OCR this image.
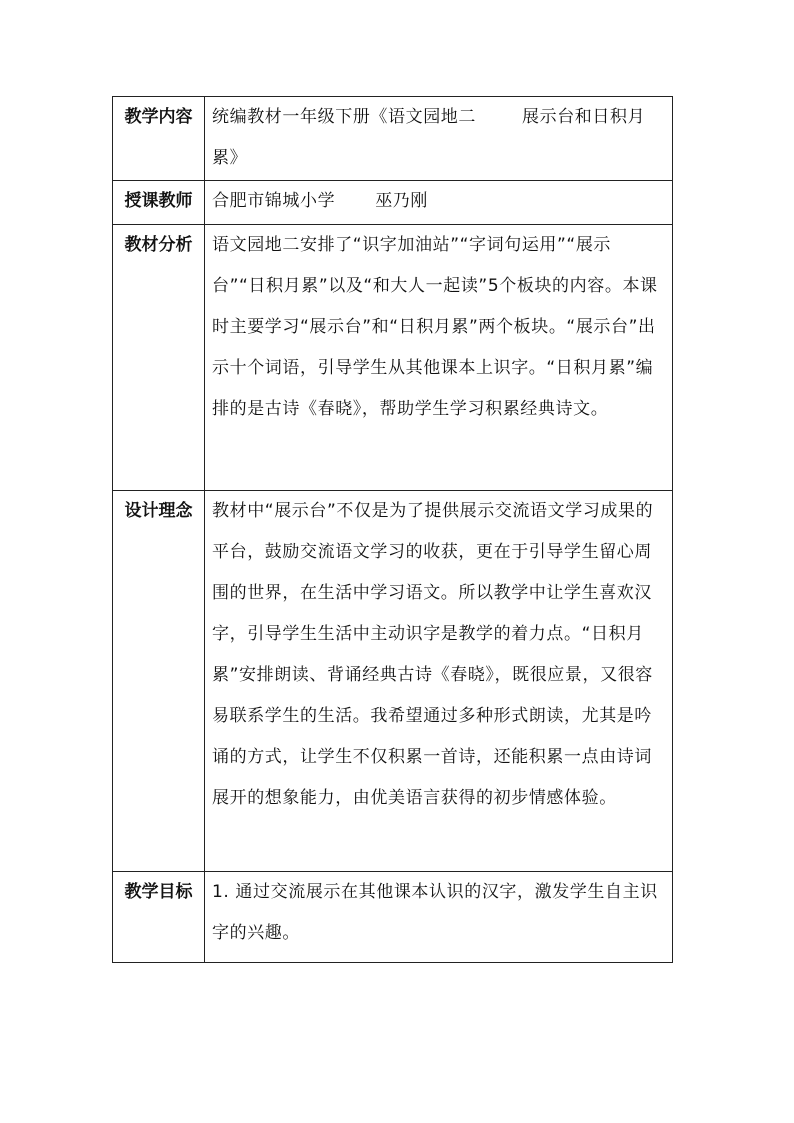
教学内容	统编教材一年级下册《语文园地二 展示台和日积月累》

授课教师	合肥市锦城小学 巫乃刚

教材分析	语文园地二安排了“识字加油站”“字词句运用”“展示台”“日积月累”以及“和大人一起读”5个板块的内容。本课时主要学习“展示台”和“日积月累”两个板块。“展示台”出示十个词语，引导学生从其他课本上识字。“日积月累”编排的是古诗《春晓》，帮助学生学习积累经典诗文。

设计理念	教材中“展示台”不仅是为了提供展示交流语文学习成果的平台，鼓励交流语文学习的收获，更在于引导学生留心周围的世界，在生活中学习语文。所以教学中让学生喜欢汉字，引导学生生活中主动识字是教学的着力点。“日积月累”安排朗读、背诵经典古诗《春晓》，既很应景，又很容易联系学生的生活。我希望通过多种形式朗读，尤其是吟诵的方式，让学生不仅积累一首诗，还能积累一点由诗词展开的想象能力，由优美语言获得的初步情感体验。

教学目标	1. 通过交流展示在其他课本认识的汉字，激发学生自主识字的兴趣。
